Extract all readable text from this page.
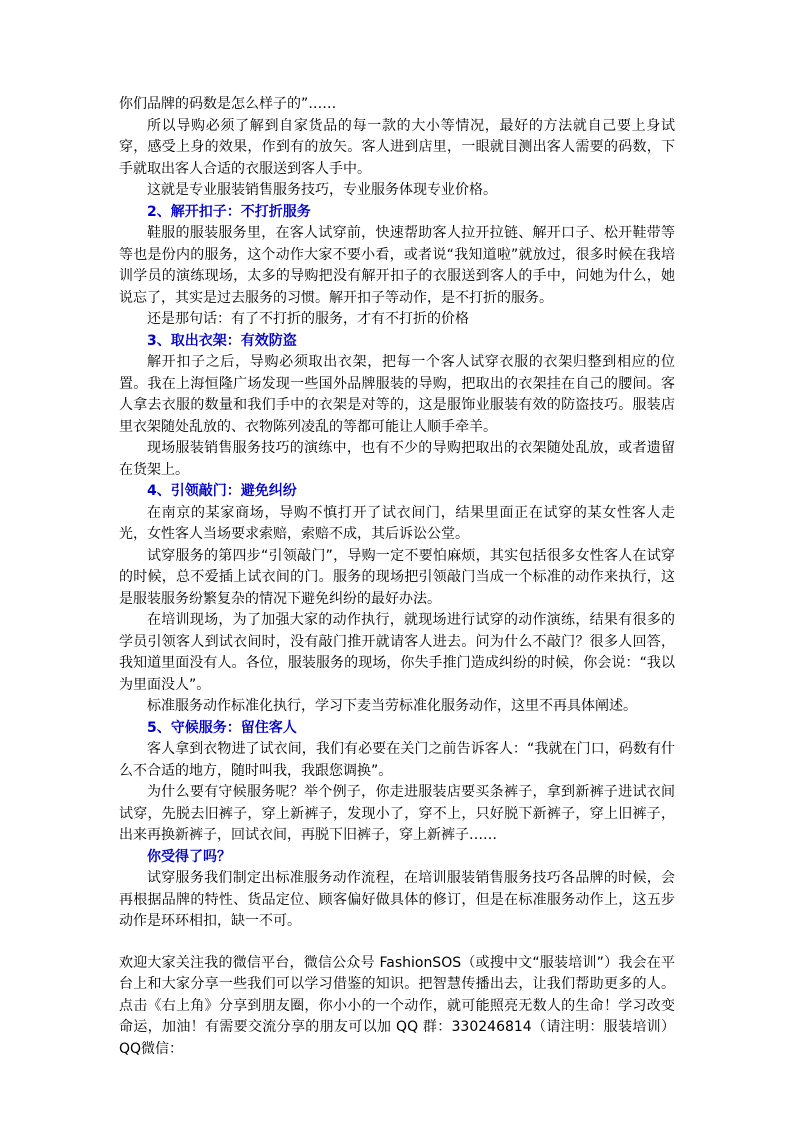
你们品牌的码数是怎么样子的”……

所以导购必须了解到自家货品的每一款的大小等情况，最好的方法就自己要上身试穿，感受上身的效果，作到有的放矢。客人进到店里，一眼就目测出客人需要的码数，下手就取出客人合适的衣服送到客人手中。

这就是专业服装销售服务技巧，专业服务体现专业价格。

2、解开扣子：不打折服务

鞋服的服装服务里，在客人试穿前，快速帮助客人拉开拉链、解开口子、松开鞋带等等也是份内的服务，这个动作大家不要小看，或者说“我知道啦”就放过，很多时候在我培训学员的演练现场，太多的导购把没有解开扣子的衣服送到客人的手中，问她为什么，她说忘了，其实是过去服务的习惯。解开扣子等动作，是不打折的服务。

还是那句话：有了不打折的服务，才有不打折的价格

3、取出衣架：有效防盗

解开扣子之后，导购必须取出衣架，把每一个客人试穿衣服的衣架归整到相应的位置。我在上海恒隆广场发现一些国外品牌服装的导购，把取出的衣架挂在自己的腰间。客人拿去衣服的数量和我们手中的衣架是对等的，这是服饰业服装有效的防盗技巧。服装店里衣架随处乱放的、衣物陈列凌乱的等都可能让人顺手牵羊。

现场服装销售服务技巧的演练中，也有不少的导购把取出的衣架随处乱放，或者遗留在货架上。

4、引领敲门：避免纠纷

在南京的某家商场，导购不慎打开了试衣间门，结果里面正在试穿的某女性客人走光，女性客人当场要求索赔，索赔不成，其后诉讼公堂。

试穿服务的第四步“引领敲门”，导购一定不要怕麻烦，其实包括很多女性客人在试穿的时候，总不爱插上试衣间的门。服务的现场把引领敲门当成一个标准的动作来执行，这是服装服务纷繁复杂的情况下避免纠纷的最好办法。

在培训现场，为了加强大家的动作执行，就现场进行试穿的动作演练，结果有很多的学员引领客人到试衣间时，没有敲门推开就请客人进去。问为什么不敲门？很多人回答，我知道里面没有人。各位，服装服务的现场，你失手推门造成纠纷的时候，你会说：“我以为里面没人”。

标准服务动作标准化执行，学习下麦当劳标准化服务动作，这里不再具体阐述。

5、守候服务：留住客人

客人拿到衣物进了试衣间，我们有必要在关门之前告诉客人：“我就在门口，码数有什么不合适的地方，随时叫我，我跟您调换”。

为什么要有守候服务呢？举个例子，你走进服装店要买条裤子，拿到新裤子进试衣间试穿，先脱去旧裤子，穿上新裤子，发现小了，穿不上，只好脱下新裤子，穿上旧裤子，出来再换新裤子，回试衣间，再脱下旧裤子，穿上新裤子……

你受得了吗？

试穿服务我们制定出标准服务动作流程，在培训服装销售服务技巧各品牌的时候，会再根据品牌的特性、货品定位、顾客偏好做具体的修订，但是在标准服务动作上，这五步动作是环环相扣，缺一不可。

欢迎大家关注我的微信平台，微信公众号 FashionSOS（或搜中文“服装培训”）我会在平台上和大家分享一些我们可以学习借鉴的知识。把智慧传播出去，让我们帮助更多的人。点击《右上角》分享到朋友圈，你小小的一个动作，就可能照亮无数人的生命！学习改变命运，加油！有需要交流分享的朋友可以加 QQ 群：330246814（请注明：服装培训）QQ微信：
